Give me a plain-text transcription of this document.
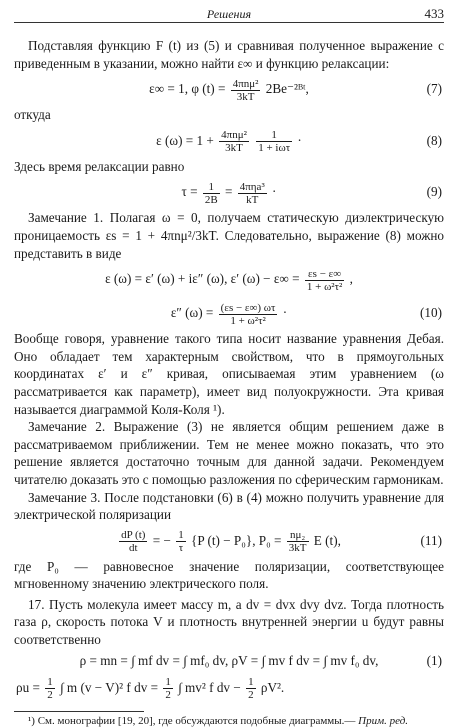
Решения	433

Подставляя функцию F (t) из (5) и сравнивая полученное выражение с приведенным в указании, можно найти ε∞ и функцию релаксации:

ε∞ = 1, φ $(t) = \frac{\text{4πnμ²}}{3kT}$ 2Be⁻²ᴮᵗ,	(7)

откуда

ε $(\omega) = 1 + \frac{\text{4πnμ²}}{3kT}$
$\frac{1}{\text{1 + iωτ}}$ ·	(8)

Здесь время релаксации равно

$\tau = \frac{1}{2B} = \frac{\text{4πηa³}}{kT}$ ·	(9)

Замечание 1. Полагая ω = 0, получаем статическую диэлектрическую проницаемость εs = 1 + 4πnμ²/3kT. Следовательно, выражение (8) можно представить в виде

ε (ω) = ε′ (ω) + iε″ (ω), ε′ $(\omega) - \varepsilon\infty = \frac{\varepsilon s - \varepsilon\infty}{\text{1 + ω²τ²}}$ ,
ε″ $(\omega) = \frac{(\varepsilon s - \varepsilon\infty) \omega\tau}{\text{1 + ω²τ²}}$ ·	(10)

Вообще говоря, уравнение такого типа носит название уравнения Дебая. Оно обладает тем характерным свойством, что в прямоугольных координатах ε′ и ε″ кривая, описываемая этим уравнением (ω рассматривается как параметр), имеет вид полуокружности. Эта кривая называется диаграммой Коля-Коля ¹).

Замечание 2. Выражение (3) не является общим решением даже в рассматриваемом приближении. Тем не менее можно показать, что это решение является достаточно точным для данной задачи. Рекомендуем читателю доказать это с помощью разложения по сферическим гармоникам.

Замечание 3. После подстановки (6) в (4) можно получить уравнение для электрической поляризации

$\frac{dP (t)}{dt}$ = − $\frac{1}{\tau} \{P$ (t) − P₀}, $P_0 = \frac{\text{nμ₂}}{3kT}$ E (t),	(11)

где P₀ — равновесное значение поляризации, соответствующее мгновенному значению электрического поля.

17. Пусть молекула имеет массу m, а dv = dvx dvy dvz. Тогда плотность газа ρ, скорость потока V и плотность внутренней энергии u будут равны соответственно

ρ = mn = ∫ mf dv = ∫ mf₀ dv, ρV = ∫ mv f dv = ∫ mv f₀ dv,	(1)
$\rho u = \frac{1}{2}$ ∫ m (v − V)² f dv = $\frac{1}{2}$ ∫ mv² f dv − $\frac{1}{2} \rho V^2$.

¹) См. монографии [19, 20], где обсуждаются подобные диаграммы.— Прим. ред.
